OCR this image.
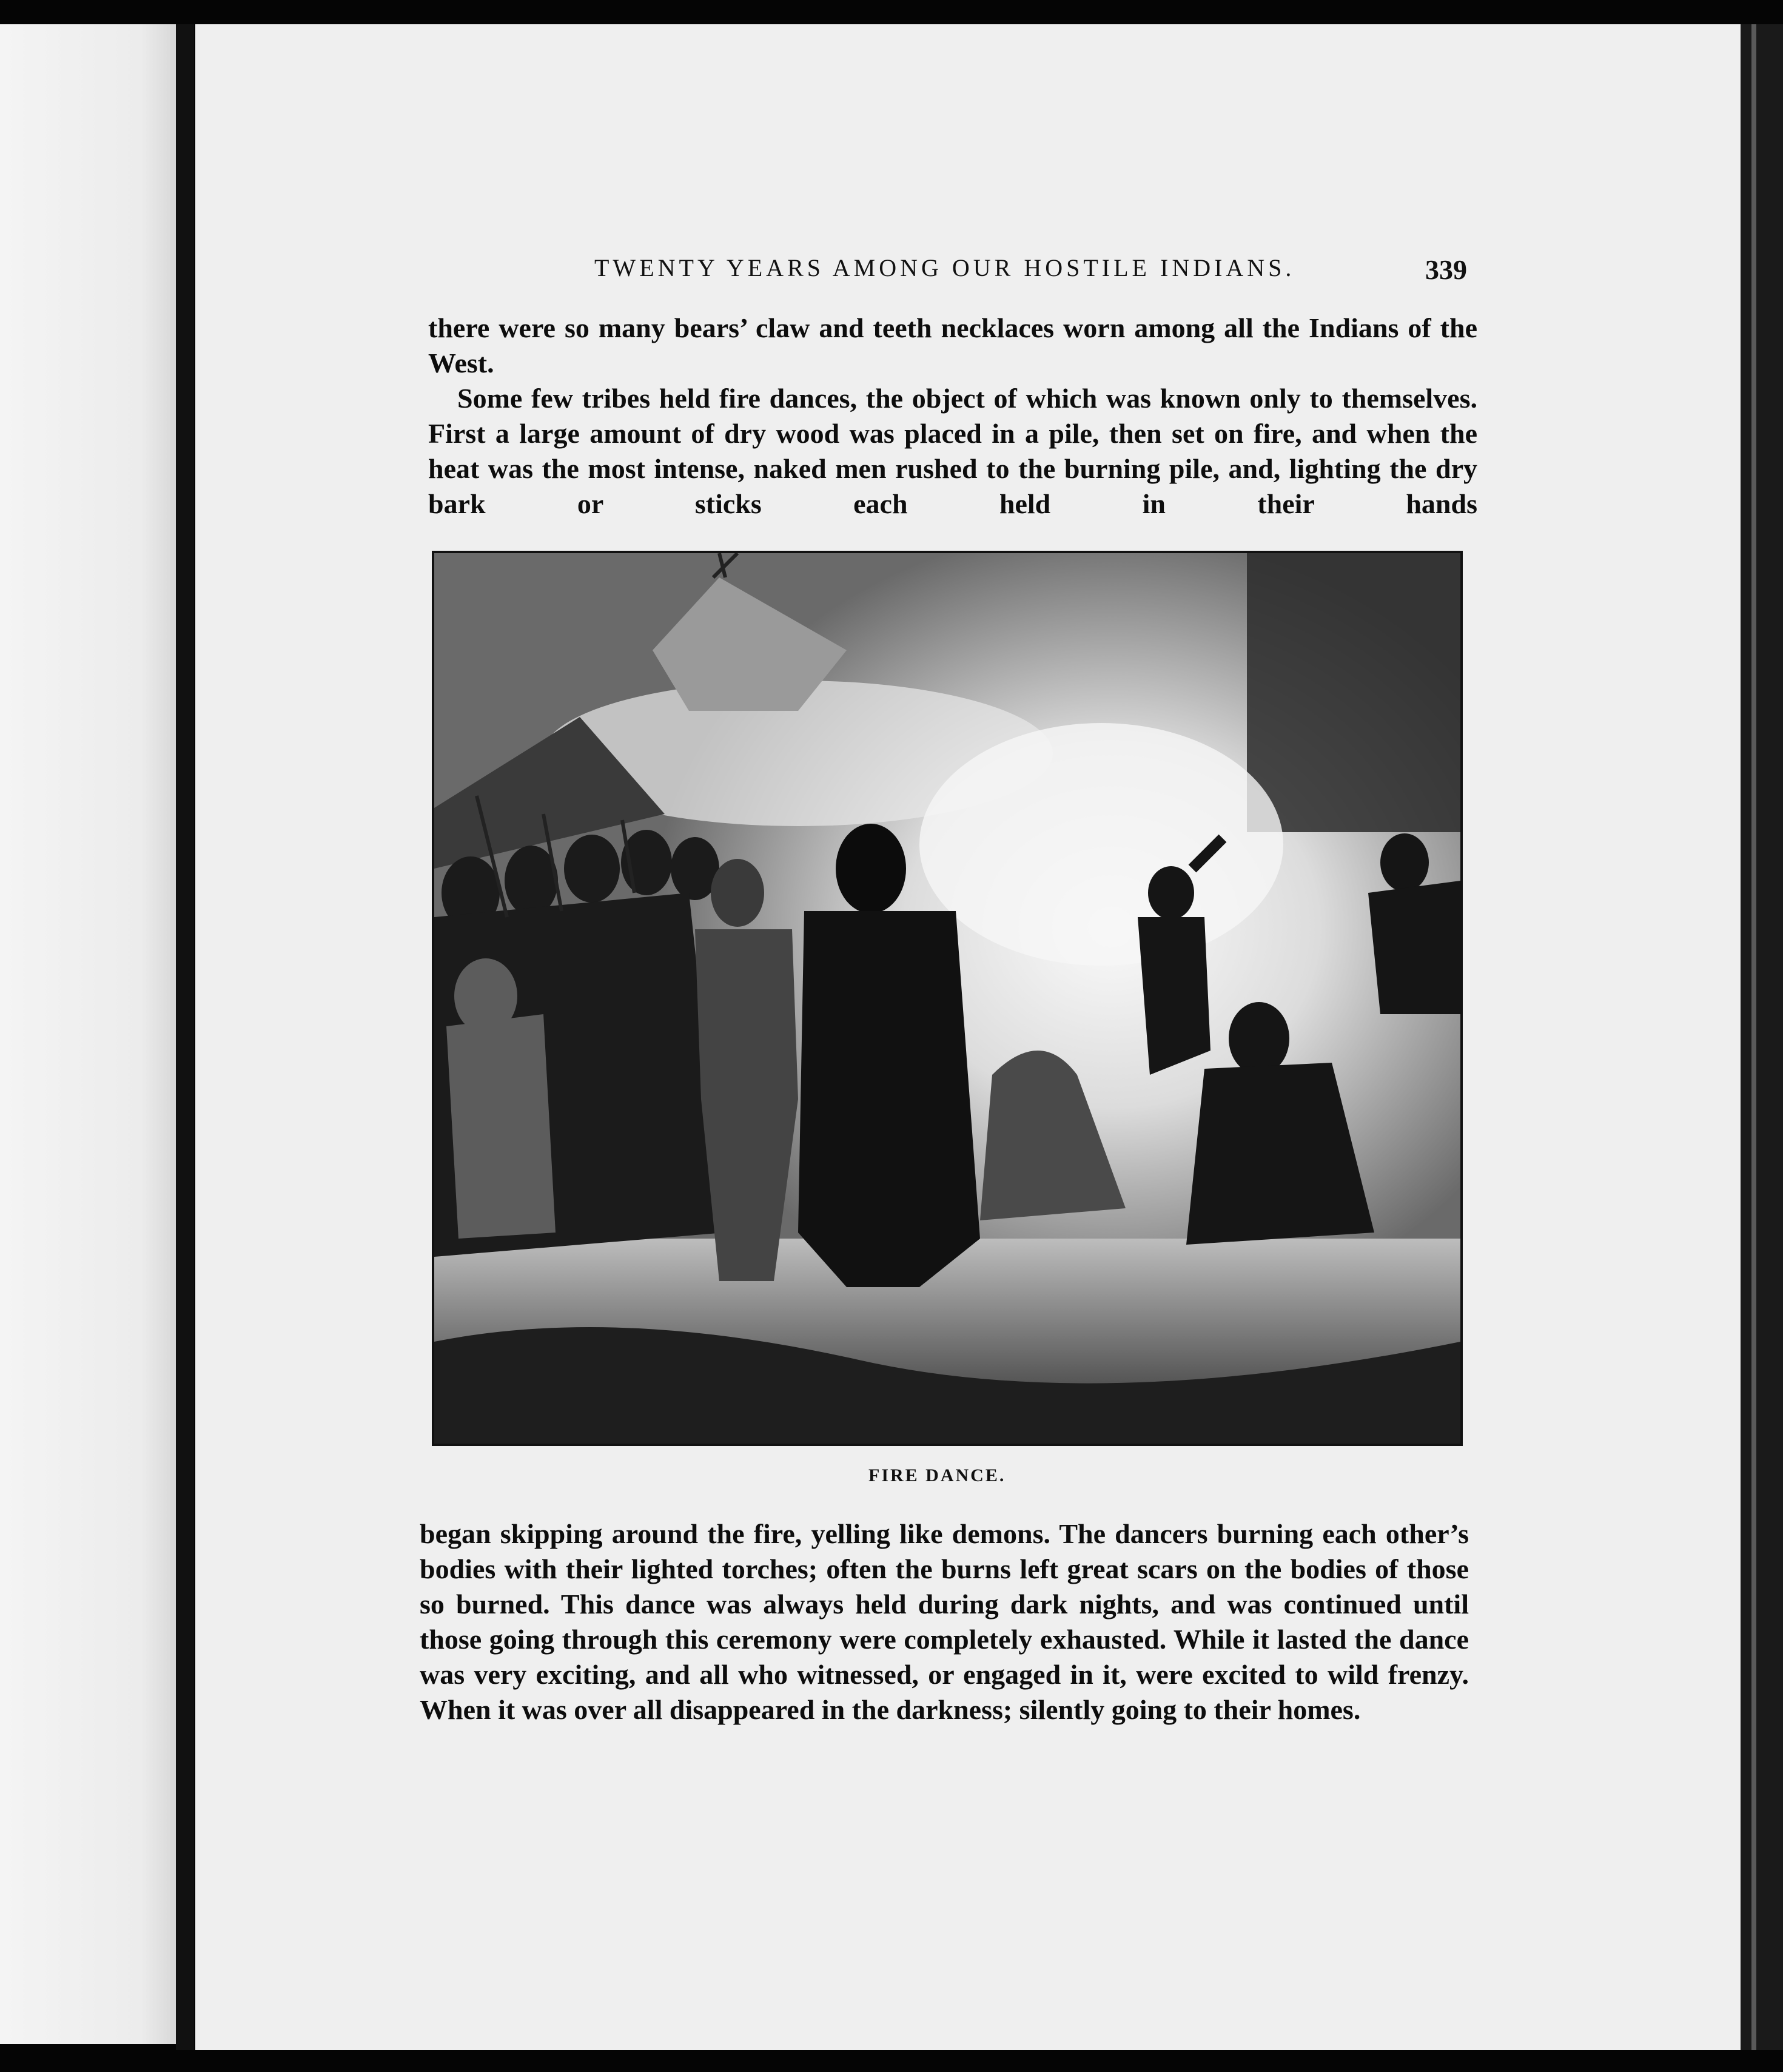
TWENTY YEARS AMONG OUR HOSTILE INDIANS.	339
there were so many bears’ claw and teeth necklaces worn among all the Indians of the West.
Some few tribes held fire dances, the object of which was known only to themselves. First a large amount of dry wood was placed in a pile, then set on fire, and when the heat was the most intense, naked men rushed to the burning pile, and, lighting the dry bark or sticks each held in their hands
FIRE DANCE.
began skipping around the fire, yelling like demons. The dancers burning each other’s bodies with their lighted torches; often the burns left great scars on the bodies of those so burned. This dance was always held during dark nights, and was continued until those going through this ceremony were completely exhausted. While it lasted the dance was very exciting, and all who witnessed, or engaged in it, were excited to wild frenzy. When it was over all disappeared in the darkness; silently going to their homes.
